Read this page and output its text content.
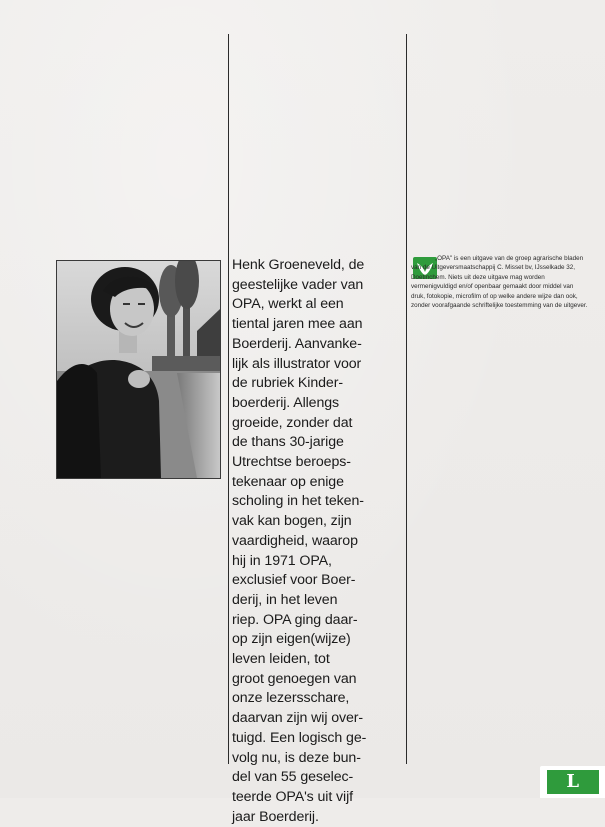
Henk Groeneveld, de
geestelijke vader van
OPA, werkt al een
tiental jaren mee aan
Boerderij. Aanvanke-
lijk als illustrator voor
de rubriek Kinder-
boerderij. Allengs
groeide, zonder dat
de thans 30-jarige
Utrechtse beroeps-
tekenaar op enige
scholing in het teken-
vak kan bogen, zijn
vaardigheid, waarop
hij in 1971 OPA,
exclusief voor Boer-
derij, in het leven
riep. OPA ging daar-
op zijn eigen(wijze)
leven leiden, tot
groot genoegen van
onze lezersschare,
daarvan zijn wij over-
tuigd. Een logisch ge-
volg nu, is deze bun-
del van 55 geselec-
teerde OPA's uit vijf
jaar Boerderij.

„OPA" is een uitgave van de groep agrarische bladen van de Uitgeversmaatschappij C. Misset bv, IJsselkade 32, Doetinchem. Niets uit deze uitgave mag worden vermenigvuldigd en/of openbaar gemaakt door middel van druk, fotokopie, microfilm of op welke andere wijze dan ook, zonder voorafgaande schriftelijke toestemming van de uitgever.

L
